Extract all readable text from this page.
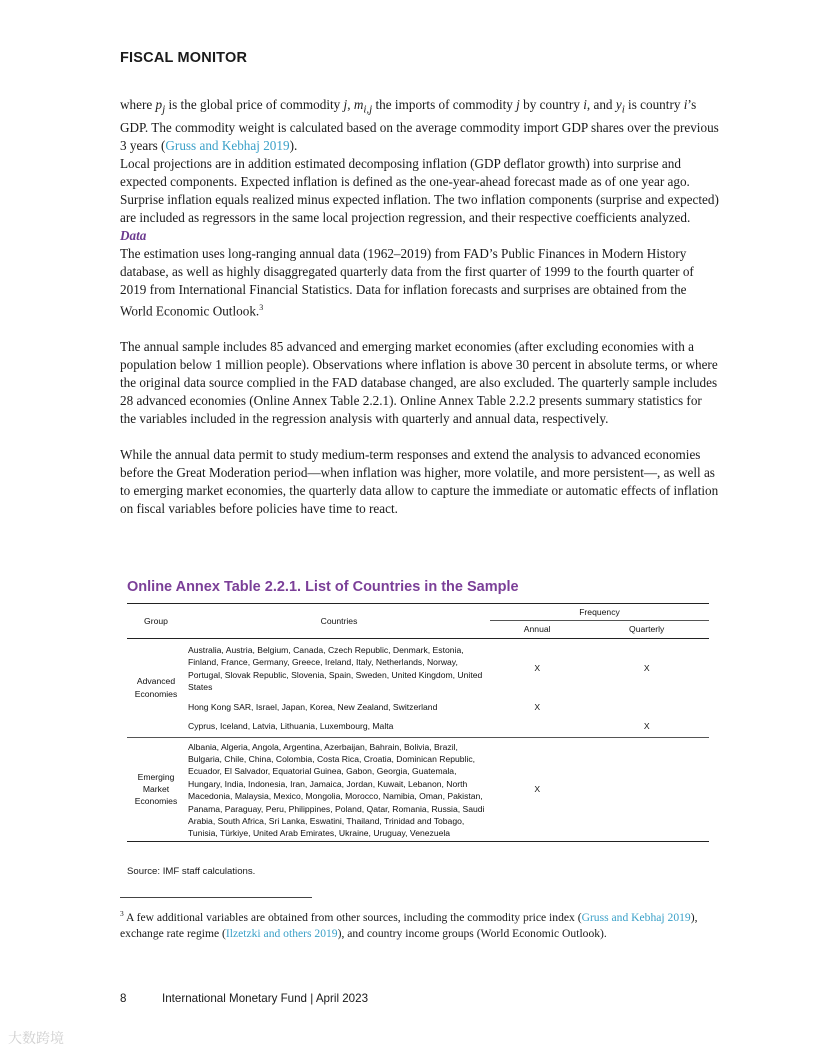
FISCAL MONITOR

where $p_j$ is the global price of commodity j, $m_{i,j}$ the imports of commodity j by country i, and $y_i$ is country i’s GDP. The commodity weight is calculated based on the average commodity import GDP shares over the previous 3 years (Gruss and Kebhaj 2019).

Local projections are in addition estimated decomposing inflation (GDP deflator growth) into surprise and expected components. Expected inflation is defined as the one-year-ahead forecast made as of one year ago. Surprise inflation equals realized minus expected inflation. The two inflation components (surprise and expected) are included as regressors in the same local projection regression, and their respective coefficients analyzed.

Data

The estimation uses long-ranging annual data (1962–2019) from FAD’s Public Finances in Modern History database, as well as highly disaggregated quarterly data from the first quarter of 1999 to the fourth quarter of 2019 from International Financial Statistics. Data for inflation forecasts and surprises are obtained from the World Economic Outlook.$^3$

The annual sample includes 85 advanced and emerging market economies (after excluding economies with a population below 1 million people). Observations where inflation is above 30 percent in absolute terms, or where the original data source complied in the FAD database changed, are also excluded. The quarterly sample includes 28 advanced economies (Online Annex Table 2.2.1). Online Annex Table 2.2.2 presents summary statistics for the variables included in the regression analysis with quarterly and annual data, respectively.

While the annual data permit to study medium-term responses and extend the analysis to advanced economies before the Great Moderation period—when inflation was higher, more volatile, and more persistent—, as well as to emerging market economies, the quarterly data allow to capture the immediate or automatic effects of inflation on fiscal variables before policies have time to react.

Online Annex Table 2.2.1. List of Countries in the Sample
Group	Countries	Frequency	
		Annual	Quarterly
Advanced Economies	Australia, Austria, Belgium, Canada, Czech Republic, Denmark, Estonia, Finland, France, Germany, Greece, Ireland, Italy, Netherlands, Norway, Portugal, Slovak Republic, Slovenia, Spain, Sweden, United Kingdom, United States	X	X
	Hong Kong SAR, Israel, Japan, Korea, New Zealand, Switzerland	X	
	Cyprus, Iceland, Latvia, Lithuania, Luxembourg, Malta		X
Emerging Market Economies	Albania, Algeria, Angola, Argentina, Azerbaijan, Bahrain, Bolivia, Brazil, Bulgaria, Chile, China, Colombia, Costa Rica, Croatia, Dominican Republic, Ecuador, El Salvador, Equatorial Guinea, Gabon, Georgia, Guatemala, Hungary, India, Indonesia, Iran, Jamaica, Jordan, Kuwait, Lebanon, North Macedonia, Malaysia, Mexico, Mongolia, Morocco, Namibia, Oman, Pakistan, Panama, Paraguay, Peru, Philippines, Poland, Qatar, Romania, Russia, Saudi Arabia, South Africa, Sri Lanka, Eswatini, Thailand, Trinidad and Tobago, Tunisia, Türkiye, United Arab Emirates, Ukraine, Uruguay, Venezuela	X	
Source: IMF staff calculations.
$^3$ A few additional variables are obtained from other sources, including the commodity price index (Gruss and Kebhaj 2019), exchange rate regime (Ilzetzki and others 2019), and country income groups (World Economic Outlook).
8	International Monetary Fund | April 2023
大数跨境
